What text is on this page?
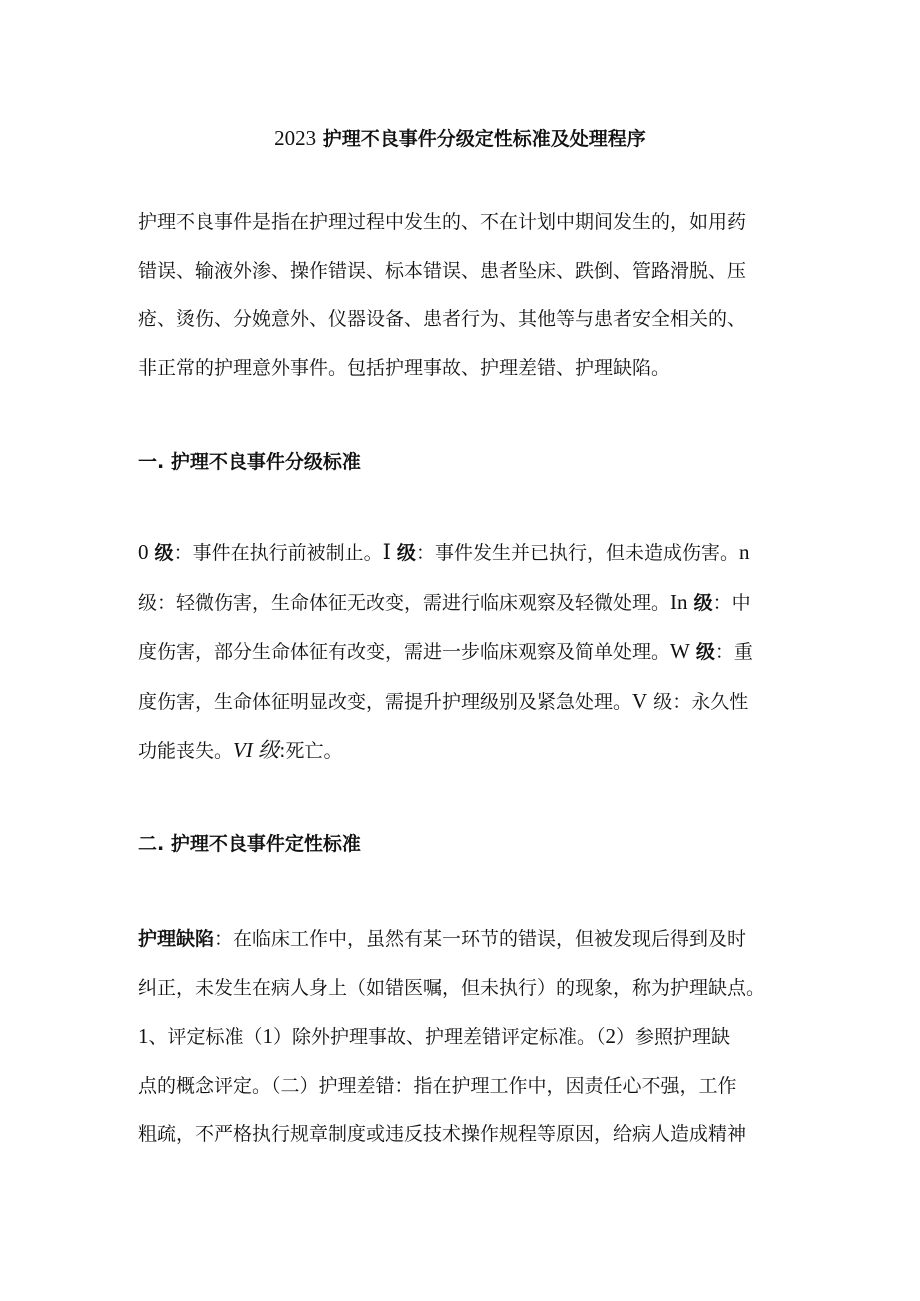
2023 护理不良事件分级定性标准及处理程序

护理不良事件是指在护理过程中发生的、不在计划中期间发生的，如用药
错误、输液外渗、操作错误、标本错误、患者坠床、跌倒、管路滑脱、压
疮、烫伤、分娩意外、仪器设备、患者行为、其他等与患者安全相关的、
非正常的护理意外事件。包括护理事故、护理差错、护理缺陷。

一. 护理不良事件分级标准

0 级：事件在执行前被制止。Ⅰ 级：事件发生并已执行，但未造成伤害。n
级：轻微伤害，生命体征无改变，需进行临床观察及轻微处理。In 级：中
度伤害，部分生命体征有改变，需进一步临床观察及简单处理。W 级：重
度伤害，生命体征明显改变，需提升护理级别及紧急处理。V 级：永久性
功能丧失。VI 级:死亡。

二. 护理不良事件定性标准

护理缺陷：在临床工作中，虽然有某一环节的错误，但被发现后得到及时
纠正，未发生在病人身上（如错医嘱，但未执行）的现象，称为护理缺点。
1、评定标准（1）除外护理事故、护理差错评定标准。（2）参照护理缺
点的概念评定。（二）护理差错：指在护理工作中，因责任心不强，工作
粗疏，不严格执行规章制度或违反技术操作规程等原因，给病人造成精神
